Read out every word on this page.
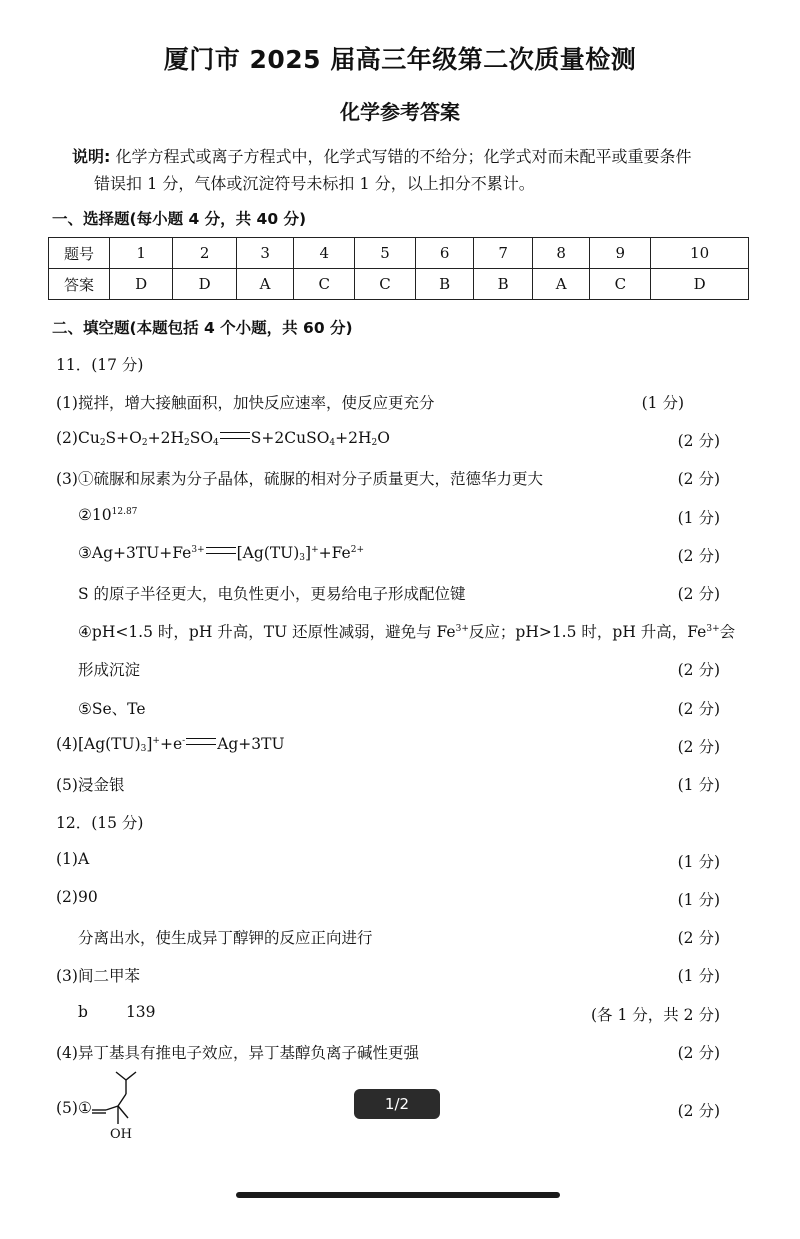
厦门市 2025 届高三年级第二次质量检测
化学参考答案
说明: 化学方程式或离子方程式中，化学式写错的不给分；化学式对而未配平或重要条件
错误扣 1 分，气体或沉淀符号未标扣 1 分，以上扣分不累计。
一、选择题(每小题 4 分，共 40 分)
题号	1	2	3	4	5	6	7	8	9	10
答案	D	D	A	C	C	B	B	A	C	D
二、填空题(本题包括 4 个小题，共 60 分)
11．(17 分)
(1)搅拌，增大接触面积，加快反应速率，使反应更充分	(1 分)
$(2)Cu_2S+O_2+2H_2SO_4$ $S+2CuSO_4+2H_2O$	(2 分)
(3)①硫脲和尿素为分子晶体，硫脲的相对分子质量更大，范德华力更大	(2 分)
$②10^{12.87}$	(1 分)
$③Ag+3TU+Fe^{3+}$ $[Ag(TU)_3]^++Fe^{2+}$	(2 分)
S 的原子半径更大，电负性更小，更易给电子形成配位键	(2 分)
④pH<1.5 时，pH 升高，TU 还原性减弱，避免与 $Fe^{3+}$反应；pH>1.5 时，pH 升高，$Fe^{3+}$会
形成沉淀	(2 分)
⑤Se、Te	(2 分)
$(4)[Ag(TU)_3]^++e^-$ Ag+3TU	(2 分)
(5)浸金银	(1 分)
12．(15 分)
(1)A	(1 分)
(2)90	(1 分)
分离出水，使生成异丁醇钾的反应正向进行	(2 分)
(3)间二甲苯	(1 分)
b 139	(各 1 分，共 2 分)
(4)异丁基具有推电子效应，异丁基醇负离子碱性更强	(2 分)
(5)①	(2 分)
OH
1/2
